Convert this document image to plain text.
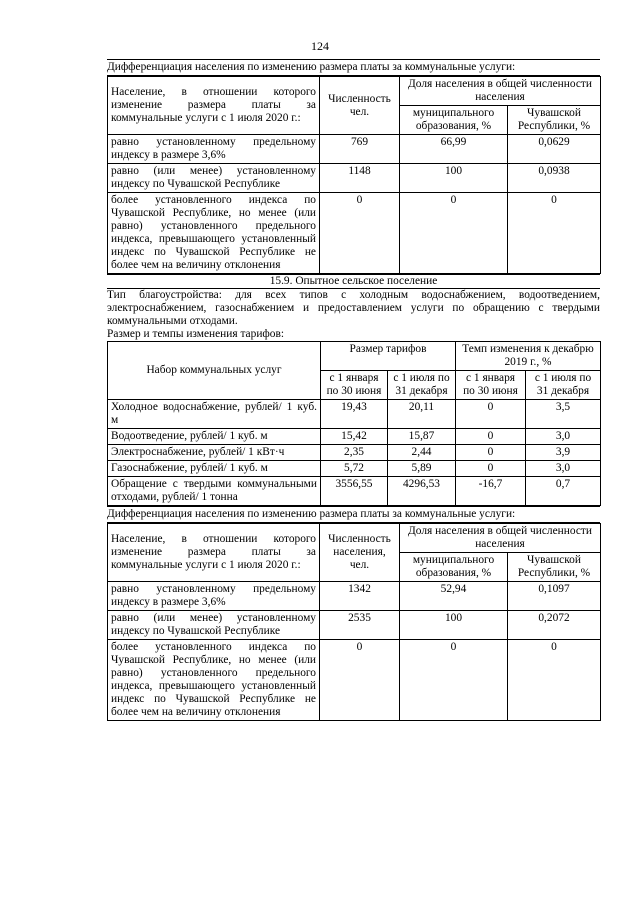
124
Дифференциация населения по изменению размера платы за коммунальные услуги:
Население, в отношении которого изменение размера платы за коммунальные услуги с 1 июля 2020 г.:	Численность чел.	Доля населения в общей численности населения	
		муниципального образования, %	Чувашской Республики, %
равно установленному предельному индексу в размере 3,6%	769	66,99	0,0629
равно (или менее) установленному индексу по Чувашской Республике	1148	100	0,0938
более установленного индекса по Чувашской Республике, но менее (или равно) установленного предельного индекса, превышающего установленный индекс по Чувашской Республике не более чем на величину отклонения	0	0	0
15.9. Опытное сельское поселение
Тип благоустройства: для всех типов с холодным водоснабжением, водоотведением, электроснабжением, газоснабжением и предоставлением услуги по обращению с твердыми коммунальными отходами.
Размер и темпы изменения тарифов:
Набор коммунальных услуг	Размер тарифов		Темп изменения к декабрю 2019 г., %	
	с 1 января по 30 июня	с 1 июля по 31 декабря	с 1 января по 30 июня	с 1 июля по 31 декабря
Холодное водоснабжение, рублей/ 1 куб. м	19,43	20,11	0	3,5
Водоотведение, рублей/ 1 куб. м	15,42	15,87	0	3,0
Электроснабжение, рублей/ 1 кВт·ч	2,35	2,44	0	3,9
Газоснабжение, рублей/ 1 куб. м	5,72	5,89	0	3,0
Обращение с твердыми коммунальными отходами, рублей/ 1 тонна	3556,55	4296,53	-16,7	0,7
Дифференциация населения по изменению размера платы за коммунальные услуги:
Население, в отношении которого изменение размера платы за коммунальные услуги с 1 июля 2020 г.:	Численность населения, чел.	Доля населения в общей численности населения	
		муниципального образования, %	Чувашской Республики, %
равно установленному предельному индексу в размере 3,6%	1342	52,94	0,1097
равно (или менее) установленному индексу по Чувашской Республике	2535	100	0,2072
более установленного индекса по Чувашской Республике, но менее (или равно) установленного предельного индекса, превышающего установленный индекс по Чувашской Республике не более чем на величину отклонения	0	0	0
